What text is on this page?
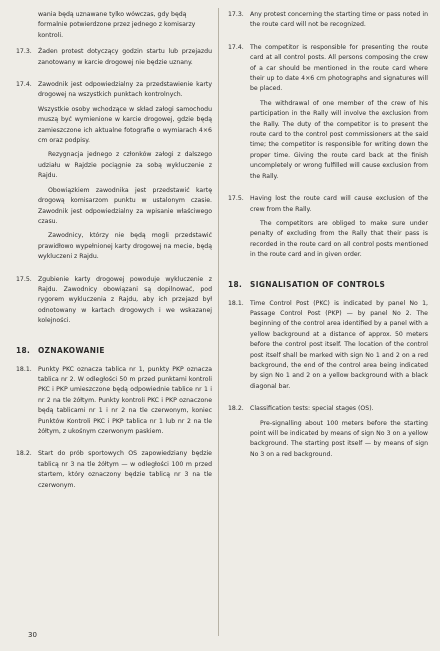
wania będą uznawane tylko wówczas, gdy będą formalnie potwierdzone przez jednego z komisarzy kontroli.

17.3.	Żaden protest dotyczący godzin startu lub przejazdu zanotowany w karcie drogowej nie będzie uznany.

17.4.	Zawodnik jest odpowiedzialny za przedstawienie karty drogowej na wszystkich punktach kontrolnych.

Wszystkie osoby wchodzące w skład załogi samochodu muszą być wymienione w karcie drogowej, gdzie będą zamieszczone ich aktualne fotografie o wymiarach 4×6 cm oraz podpisy.

Rezygnacja jednego z członków załogi z dalszego udziału w Rajdzie pociągnie za sobą wykluczenie z Rajdu.

Obowiązkiem zawodnika jest przedstawić kartę drogową komisarzom punktu w ustalonym czasie. Zawodnik jest odpowiedzialny za wpisanie właściwego czasu.

Zawodnicy, którzy nie będą mogli przedstawić prawidłowo wypełnionej karty drogowej na mecie, będą wykluczeni z Rajdu.

17.5.	Zgubienie karty drogowej powoduje wykluczenie z Rajdu. Zawodnicy obowiązani są dopilnować, pod rygorem wykluczenia z Rajdu, aby ich przejazd był odnotowany w kartach drogowych i we wskazanej kolejności.

18. OZNAKOWANIE
18.1.	Punkty PKC oznacza tablica nr 1, punkty PKP oznacza tablica nr 2. W odległości 50 m przed punktami kontroli PKC i PKP umieszczone będą odpowiednie tablice nr 1 i nr 2 na tle żółtym. Punkty kontroli PKC i PKP oznaczone będą tablicami nr 1 i nr 2 na tle czerwonym, koniec Punktów Kontroli PKC i PKP tablica nr 1 lub nr 2 na tle żółtym, z ukośnym czerwonym paskiem.

18.2.	Start do prób sportowych OS zapowiedziany będzie tablicą nr 3 na tle żółtym — w odległości 100 m przed startem, który oznaczony będzie tablicą nr 3 na tle czerwonym.

17.3.	Any protest concerning the starting time or pass noted in the route card will not be recognized.

17.4.	The competitor is responsible for presenting the route card at all control posts. All persons composing the crew of a car should be mentioned in the route card where their up to date 4×6 cm photographs and signatures will be placed.

The withdrawal of one member of the crew of his participation in the Rally will involve the exclusion from the Rally. The duty of the competitor is to present the route card to the control post commissioners at the said time; the competitor is responsible for writing down the proper time. Giving the route card back at the finish uncompletely or wrong fulfilled will cause exclusion from the Rally.

17.5.	Having lost the route card will cause exclusion of the crew from the Rally.

The competitors are obliged to make sure under penalty of excluding from the Rally that their pass is recorded in the route card on all control posts mentioned in the route card and in given order.

18. SIGNALISATION OF CONTROLS
18.1.	Time Control Post (PKC) is indicated by panel No 1, Passage Control Post (PKP) — by panel No 2. The beginning of the control area identified by a panel with a yellow background at a distance of approx. 50 meters before the control post itself. The location of the control post itself shall be marked with sign No 1 and 2 on a red background, the end of the control area being indicated by sign No 1 and 2 on a yellow background with a black diagonal bar.

18.2.	Classification tests: special stages (OS).

Pre-signalling about 100 meters before the starting point will be indicated by means of sign No 3 on a yellow background. The starting post itself — by means of sign No 3 on a red background.

30
